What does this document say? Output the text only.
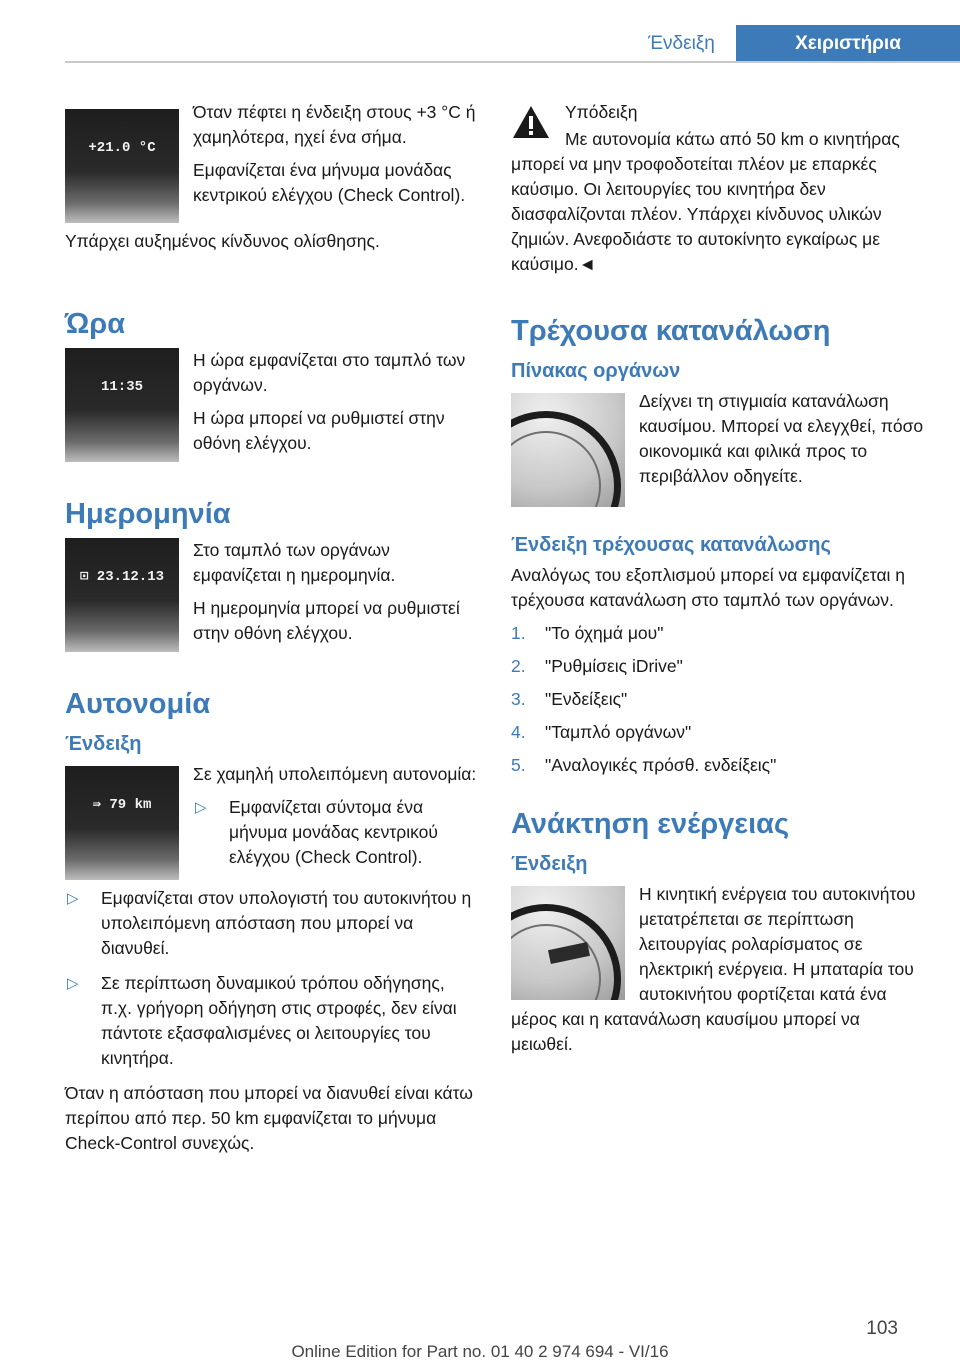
Ένδειξη	Χειριστήρια
+21.0 °C

Όταν πέφτει η ένδειξη στους +3 °C ή χαμηλότερα, ηχεί ένα σήμα.

Εμφανίζεται ένα μήνυμα μονάδας κεντρικού ελέγχου (Check Control).

Υπάρχει αυξημένος κίνδυνος ολίσθησης.

Ώρα
11:35

Η ώρα εμφανίζεται στο ταμπλό των οργάνων.

Η ώρα μπορεί να ρυθμιστεί στην οθόνη ελέγχου.

Ημερομηνία
⊡ 23.12.13

Στο ταμπλό των οργάνων εμφανίζεται η ημερομηνία.

Η ημερομηνία μπορεί να ρυθμιστεί στην οθόνη ελέγχου.

Αυτονομία
Ένδειξη
⇛ 79 km

Σε χαμηλή υπολειπόμενη αυτονομία:

▷ Εμφανίζεται σύντομα ένα μήνυμα μονάδας κεντρικού ελέγχου (Check Control).
▷ Εμφανίζεται στον υπολογιστή του αυτοκινήτου η υπολειπόμενη απόσταση που μπορεί να διανυθεί.
▷ Σε περίπτωση δυναμικού τρόπου οδήγησης, π.χ. γρήγορη οδήγηση στις στροφές, δεν είναι πάντοτε εξασφαλισμένες οι λειτουργίες του κινητήρα.

Όταν η απόσταση που μπορεί να διανυθεί είναι κάτω περίπου από περ. 50 km εμφανίζεται το μήνυμα Check-Control συνεχώς.

Υπόδειξη

Με αυτονομία κάτω από 50 km ο κινητήρας μπορεί να μην τροφοδοτείται πλέον με επαρκές καύσιμο. Οι λειτουργίες του κινητήρα δεν διασφαλίζονται πλέον. Υπάρχει κίνδυνος υλικών ζημιών. Ανεφοδιάστε το αυτοκίνητο εγκαίρως με καύσιμο.◄

Τρέχουσα κατανάλωση
Πίνακας οργάνων

Δείχνει τη στιγμιαία κατανάλωση καυσίμου. Μπορεί να ελεγχθεί, πόσο οικονομικά και φιλικά προς το περιβάλλον οδηγείτε.

Ένδειξη τρέχουσας κατανάλωσης

Αναλόγως του εξοπλισμού μπορεί να εμφανίζεται η τρέχουσα κατανάλωση στο ταμπλό των οργάνων.

1. "Το όχημά μου"
2. "Ρυθμίσεις iDrive"
3. "Ενδείξεις"
4. "Ταμπλό οργάνων"
5. "Αναλογικές πρόσθ. ενδείξεις"
Ανάκτηση ενέργειας
Ένδειξη

Η κινητική ενέργεια του αυτοκινήτου μετατρέπεται σε περίπτωση λειτουργίας ρολαρίσματος σε ηλεκτρική ενέργεια. Η μπαταρία του αυτοκινήτου φορτίζεται κατά ένα μέρος και η κατανάλωση καυσίμου μπορεί να μειωθεί.

103
Online Edition for Part no. 01 40 2 974 694 - VI/16
